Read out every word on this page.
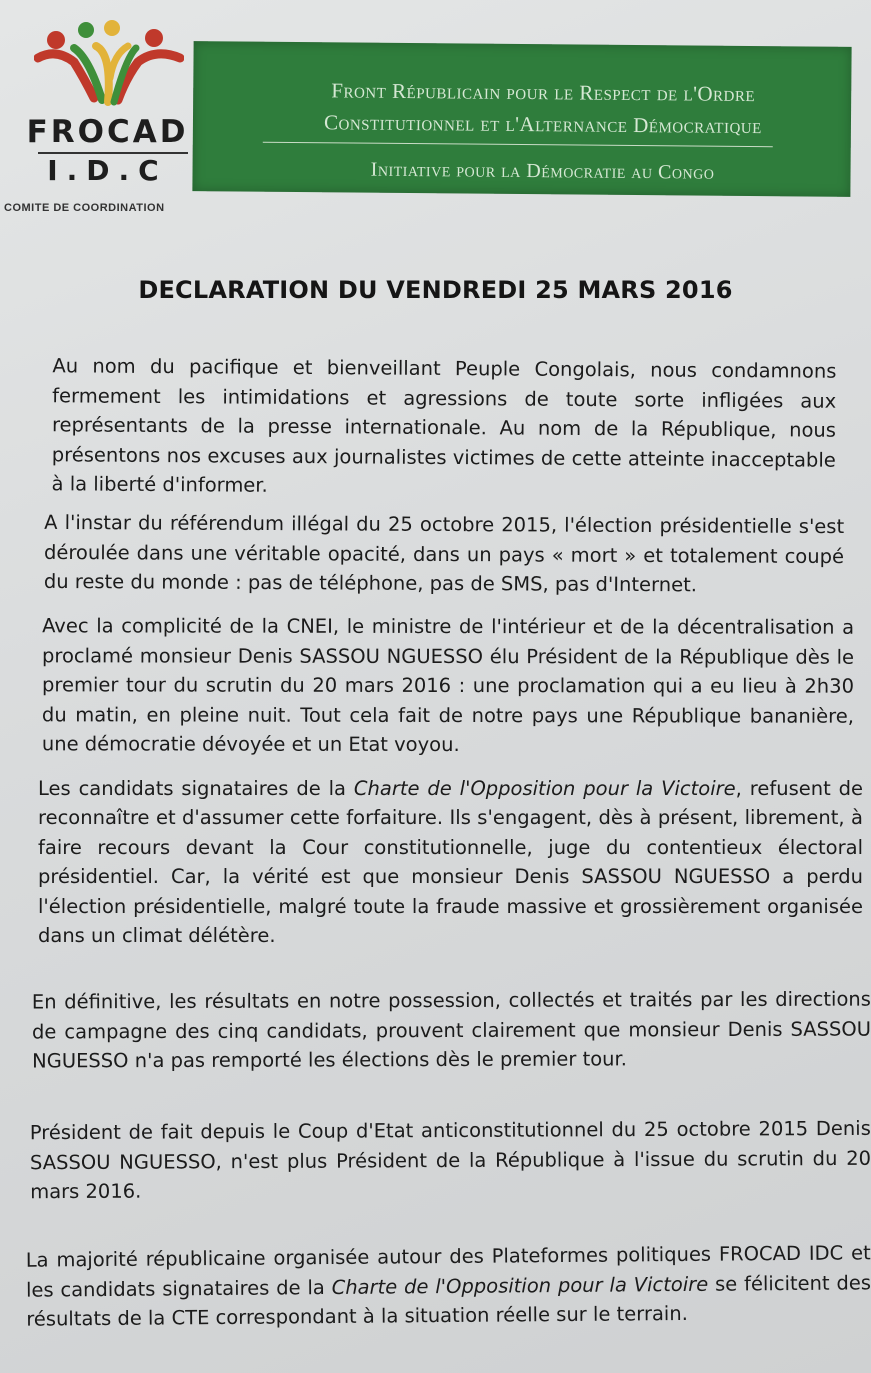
FROCAD
I.D.C
COMITE DE COORDINATION
Front Républicain pour le Respect de l'Ordre
Constitutionnel et l'Alternance Démocratique
Initiative pour la Démocratie au Congo
DECLARATION DU VENDREDI 25 MARS 2016

Au nom du pacifique et bienveillant Peuple Congolais, nous condamnons fermement les intimidations et agressions de toute sorte infligées aux représentants de la presse internationale. Au nom de la République, nous présentons nos excuses aux journalistes victimes de cette atteinte inacceptable à la liberté d'informer.

A l'instar du référendum illégal du 25 octobre 2015, l'élection présidentielle s'est déroulée dans une véritable opacité, dans un pays « mort » et totalement coupé du reste du monde : pas de téléphone, pas de SMS, pas d'Internet.

Avec la complicité de la CNEI, le ministre de l'intérieur et de la décentralisation a proclamé monsieur Denis SASSOU NGUESSO élu Président de la République dès le premier tour du scrutin du 20 mars 2016 : une proclamation qui a eu lieu à 2h30 du matin, en pleine nuit. Tout cela fait de notre pays une République bananière, une démocratie dévoyée et un Etat voyou.

Les candidats signataires de la Charte de l'Opposition pour la Victoire, refusent de reconnaître et d'assumer cette forfaiture. Ils s'engagent, dès à présent, librement, à faire recours devant la Cour constitutionnelle, juge du contentieux électoral présidentiel. Car, la vérité est que monsieur Denis SASSOU NGUESSO a perdu l'élection présidentielle, malgré toute la fraude massive et grossièrement organisée dans un climat délétère.

En définitive, les résultats en notre possession, collectés et traités par les directions de campagne des cinq candidats, prouvent clairement que monsieur Denis SASSOU NGUESSO n'a pas remporté les élections dès le premier tour.

Président de fait depuis le Coup d'Etat anticonstitutionnel du 25 octobre 2015 Denis SASSOU NGUESSO, n'est plus Président de la République à l'issue du scrutin du 20 mars 2016.

La majorité républicaine organisée autour des Plateformes politiques FROCAD IDC et les candidats signataires de la Charte de l'Opposition pour la Victoire se félicitent des résultats de la CTE correspondant à la situation réelle sur le terrain.
